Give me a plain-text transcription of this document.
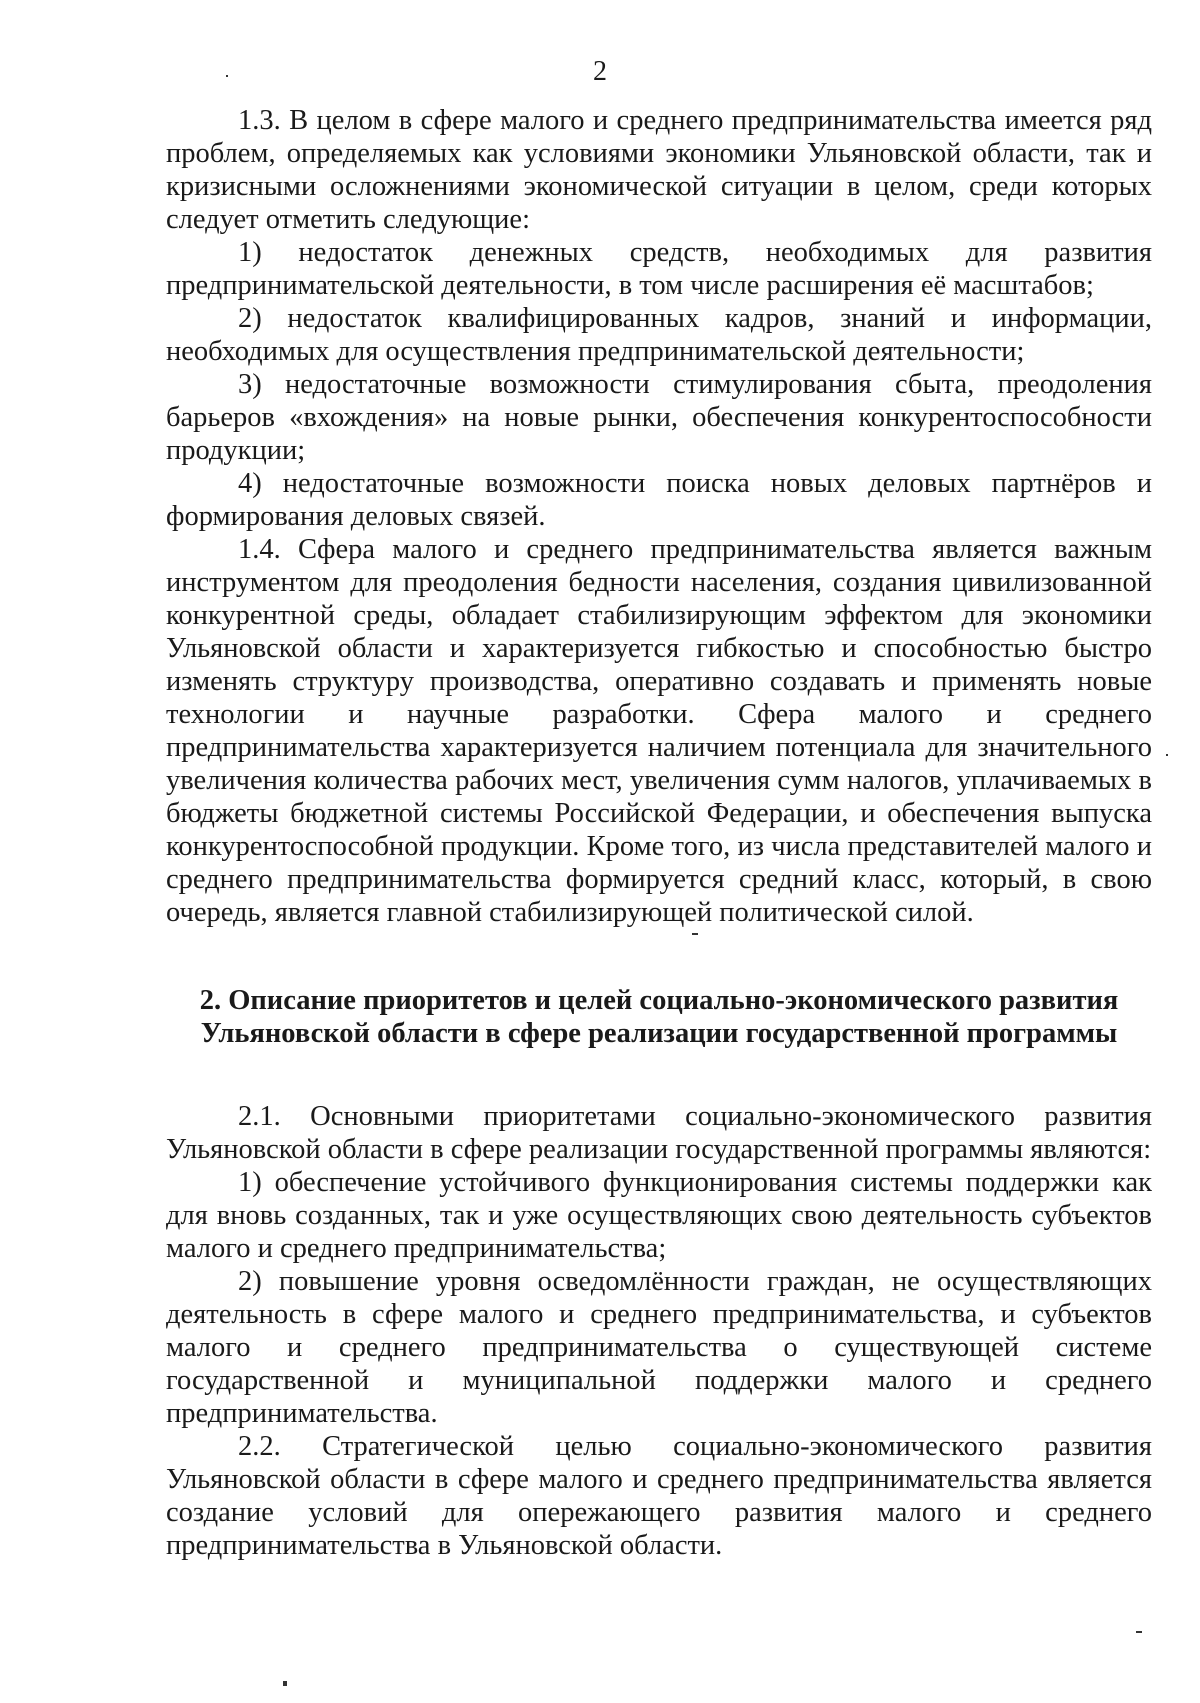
2

1.3. В целом в сфере малого и среднего предпринимательства имеется ряд проблем, определяемых как условиями экономики Ульяновской области, так и кризисными осложнениями экономической ситуации в целом, среди которых следует отметить следующие:

1) недостаток денежных средств, необходимых для развития предпринимательской деятельности, в том числе расширения её масштабов;

2) недостаток квалифицированных кадров, знаний и информации, необходимых для осуществления предпринимательской деятельности;

3) недостаточные возможности стимулирования сбыта, преодоления барьеров «вхождения» на новые рынки, обеспечения конкурентоспособности продукции;

4) недостаточные возможности поиска новых деловых партнёров и формирования деловых связей.

1.4. Сфера малого и среднего предпринимательства является важным инструментом для преодоления бедности населения, создания цивилизованной конкурентной среды, обладает стабилизирующим эффектом для экономики Ульяновской области и характеризуется гибкостью и способностью быстро изменять структуру производства, оперативно создавать и применять новые технологии и научные разработки. Сфера малого и среднего предпринимательства характеризуется наличием потенциала для значительного увеличения количества рабочих мест, увеличения сумм налогов, уплачиваемых в бюджеты бюджетной системы Российской Федерации, и обеспечения выпуска конкурентоспособной продукции. Кроме того, из числа представителей малого и среднего предпринимательства формируется средний класс, который, в свою очередь, является главной стабилизирующей политической силой.

2. Описание приоритетов и целей социально-экономического развития

Ульяновской области в сфере реализации государственной программы

2.1. Основными приоритетами социально-экономического развития Ульяновской области в сфере реализации государственной программы являются:

1) обеспечение устойчивого функционирования системы поддержки как для вновь созданных, так и уже осуществляющих свою деятельность субъектов малого и среднего предпринимательства;

2) повышение уровня осведомлённости граждан, не осуществляющих деятельность в сфере малого и среднего предпринимательства, и субъектов малого и среднего предпринимательства о существующей системе государственной и муниципальной поддержки малого и среднего предпринимательства.

2.2. Стратегической целью социально-экономического развития Ульяновской области в сфере малого и среднего предпринимательства является создание условий для опережающего развития малого и среднего предпринимательства в Ульяновской области.
